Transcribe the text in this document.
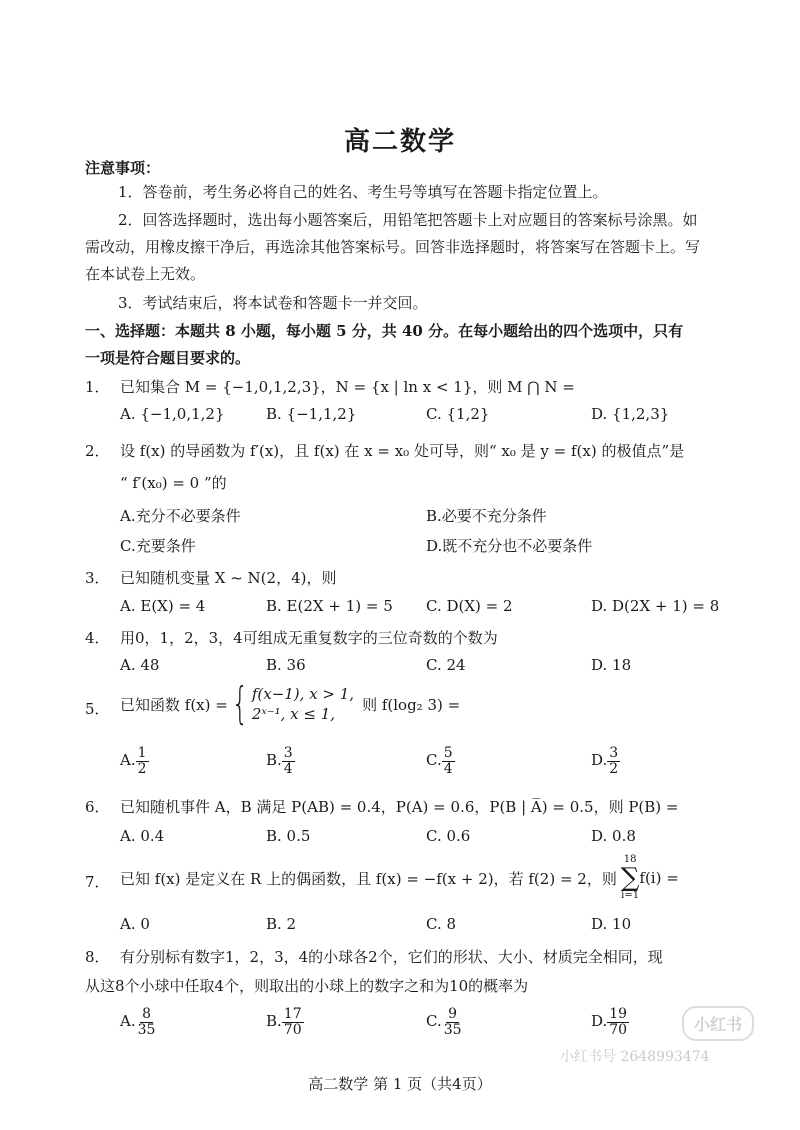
高二数学
注意事项：
1．答卷前，考生务必将自己的姓名、考生号等填写在答题卡指定位置上。
2．回答选择题时，选出每小题答案后，用铅笔把答题卡上对应题目的答案标号涂黑。如
需改动，用橡皮擦干净后，再选涂其他答案标号。回答非选择题时，将答案写在答题卡上。写
在本试卷上无效。
3．考试结束后，将本试卷和答题卡一并交回。
一、选择题：本题共 8 小题，每小题 5 分，共 40 分。在每小题给出的四个选项中，只有
一项是符合题目要求的。
1． 已知集合 M = {−1,0,1,2,3}，N = {x | ln x < 1}，则 M ⋂ N =
A. {−1,0,1,2}	B. {−1,1,2}	C. {1,2}	D. {1,2,3}
2． 设 f(x) 的导函数为 f′(x)，且 f(x) 在 x = x₀ 处可导，则“ x₀ 是 y = f(x) 的极值点”是
“ f′(x₀) = 0 ”的
A.充分不必要条件	B.必要不充分条件
C.充要条件	D.既不充分也不必要条件
3． 已知随机变量 X ~ N(2，4)，则
A. E(X) = 4	B. E(2X + 1) = 5 C. D(X) = 2	D. D(2X + 1) = 8
4． 用0，1，2，3，4可组成无重复数字的三位奇数的个数为
A. 48	B. 36	C. 24	D. 18
5． 已知函数 f(x) = { f(x−1), x > 1,
2ˣ⁻¹, x ≤ 1,
则 f(log₂ 3) =
A. $\frac{1}{2}$	B. $\frac{3}{4}$	C. $\frac{5}{4}$	D. $\frac{3}{2}$
6． 已知随机事件 A，B 满足 P(AB) = 0.4，P(A) = 0.6，P(B | A̅) = 0.5，则 P(B) =
A. 0.4	B. 0.5	C. 0.6	D. 0.8
7． 已知 f(x) 是定义在 R 上的偶函数，且 f(x) = −f(x + 2)，若 f(2) = 2，则
18
∑
i=1
f(i) =
A. 0	B. 2	C. 8	D. 10
8． 有分别标有数字1，2，3，4的小球各2个，它们的形状、大小、材质完全相同，现
从这8个小球中任取4个，则取出的小球上的数字之和为10的概率为
A. $\frac{8}{35}$	B. $\frac{17}{70}$	C. $\frac{9}{35}$	D. $\frac{19}{70}$	小红书
小红书号 2648993474
高二数学 第 1 页（共4页）
